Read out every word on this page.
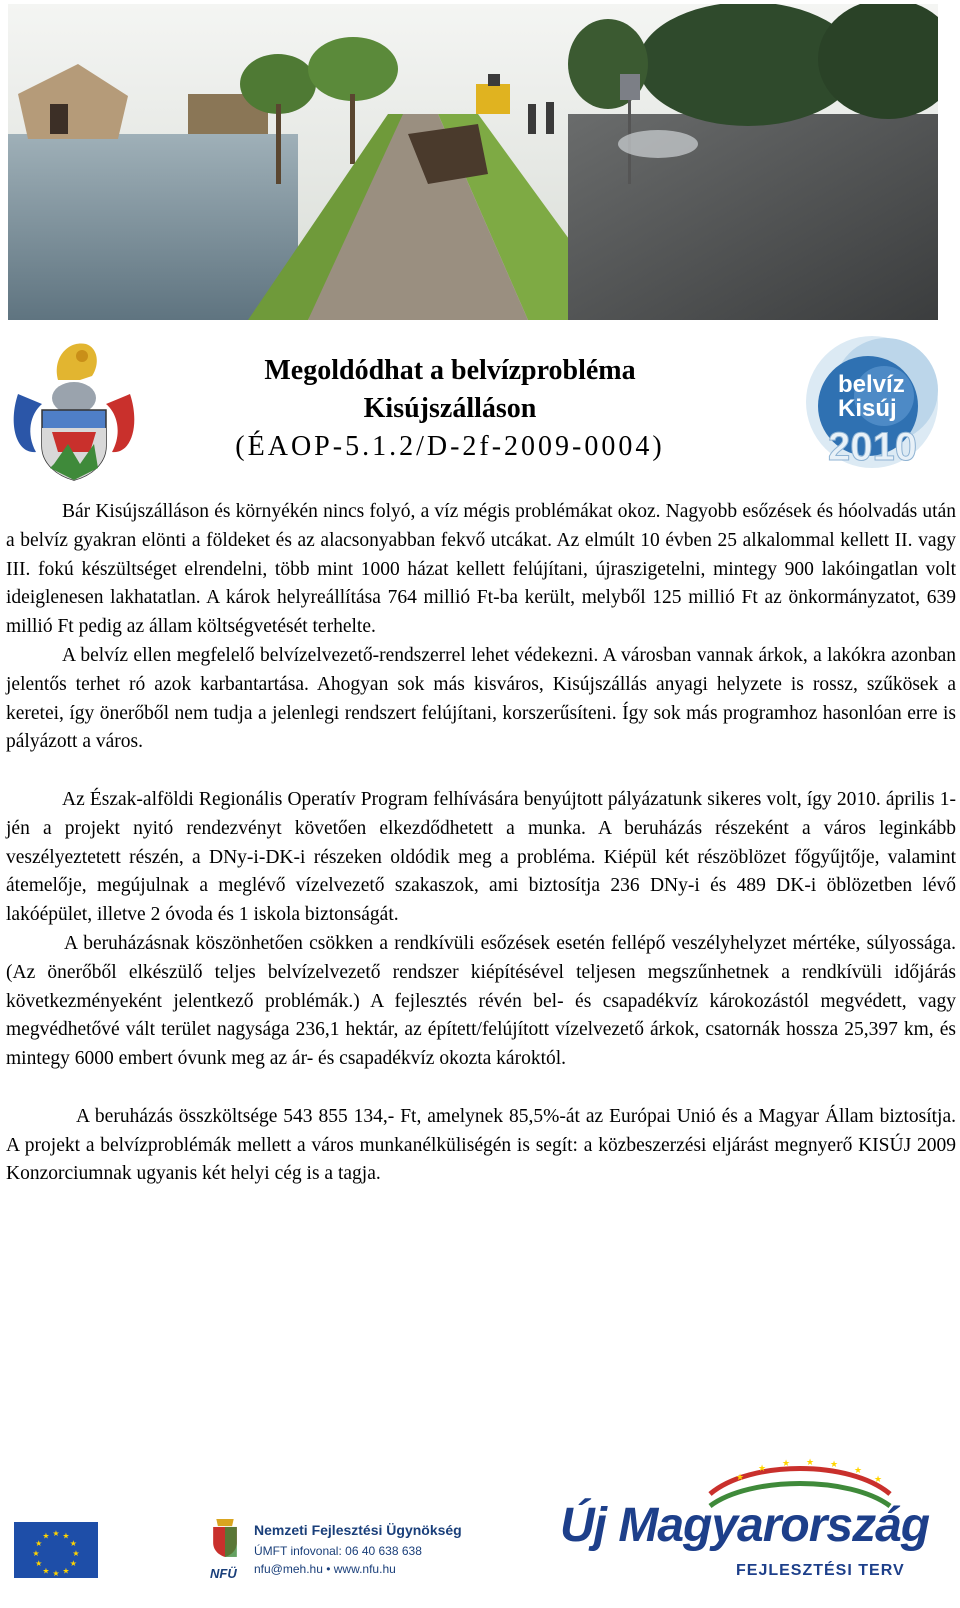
Megoldódhat a belvízprobléma
Kisújszálláson
(ÉAOP-5.1.2/D-2f-2009-0004)
belvíz
Kisúj
2010

Bár Kisújszálláson és környékén nincs folyó, a víz mégis problémákat okoz. Nagyobb esőzések és hóolvadás után a belvíz gyakran elönti a földeket és az alacsonyabban fekvő utcákat. Az elmúlt 10 évben 25 alkalommal kellett II. vagy III. fokú készültséget elrendelni, több mint 1000 házat kellett felújítani, újraszigetelni, mintegy 900 lakóingatlan volt ideiglenesen lakhatatlan. A károk helyreállítása 764 millió Ft-ba került, melyből 125 millió Ft az önkormányzatot, 639 millió Ft pedig az állam költségvetését terhelte.

A belvíz ellen megfelelő belvízelvezető-rendszerrel lehet védekezni. A városban vannak árkok, a lakókra azonban jelentős terhet ró azok karbantartása. Ahogyan sok más kisváros, Kisújszállás anyagi helyzete is rossz, szűkösek a keretei, így önerőből nem tudja a jelenlegi rendszert felújítani, korszerűsíteni. Így sok más programhoz hasonlóan erre is pályázott a város.

Az Észak-alföldi Regionális Operatív Program felhívására benyújtott pályázatunk sikeres volt, így 2010. április 1-jén a projekt nyitó rendezvényt követően elkezdődhetett a munka. A beruházás részeként a város leginkább veszélyeztetett részén, a DNy-i-DK-i részeken oldódik meg a probléma. Kiépül két részöblözet főgyűjtője, valamint átemelője, megújulnak a meglévő vízelvezető szakaszok, ami biztosítja 236 DNy-i és 489 DK-i öblözetben lévő lakóépület, illetve 2 óvoda és 1 iskola biztonságát.

A beruházásnak köszönhetően csökken a rendkívüli esőzések esetén fellépő veszélyhelyzet mértéke, súlyossága. (Az önerőből elkészülő teljes belvízelvezető rendszer kiépítésével teljesen megszűnhetnek a rendkívüli időjárás következményeként jelentkező problémák.) A fejlesztés révén bel- és csapadékvíz károkozástól megvédett, vagy megvédhetővé vált terület nagysága 236,1 hektár, az épített/felújított vízelvezető árkok, csatornák hossza 25,397 km, és mintegy 6000 embert óvunk meg az ár- és csapadékvíz okozta károktól.

A beruházás összköltsége 543 855 134,- Ft, amelynek 85,5%-át az Európai Unió és a Magyar Állam biztosítja. A projekt a belvízproblémák mellett a város munkanélküliségén is segít: a közbeszerzési eljárást megnyerő KISÚJ 2009 Konzorciumnak ugyanis két helyi cég is a tagja.

★ ★
★
★
★
★
★
★
★
★
★
★
NFÜ
Nemzeti Fejlesztési Ügynökség
ÚMFT infovonal: 06 40 638 638
nfu@meh.hu • www.nfu.hu
★
★ ★ ★ ★
★
★
Új Magyarország
FEJLESZTÉSI TERV
